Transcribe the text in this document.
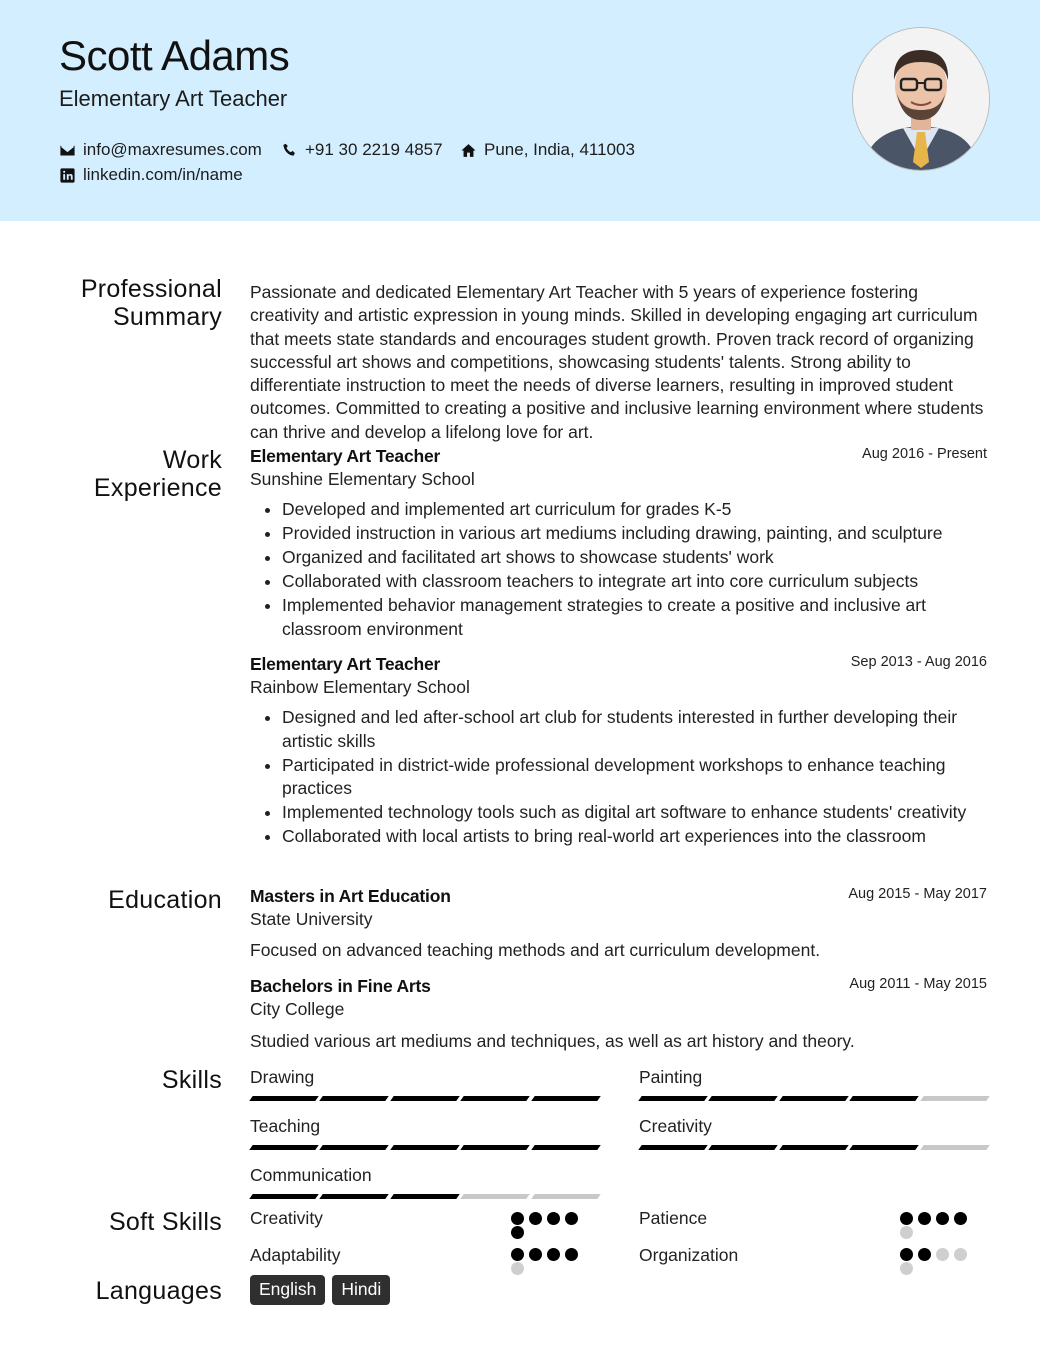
Scott Adams
Elementary Art Teacher
info@maxresumes.com	+91 30 2219 4857 Pune, India, 411003
linkedin.com/in/name
Professional Summary
Passionate and dedicated Elementary Art Teacher with 5 years of experience fostering creativity and artistic expression in young minds. Skilled in developing engaging art curriculum that meets state standards and encourages student growth. Proven track record of organizing successful art shows and competitions, showcasing students' talents. Strong ability to differentiate instruction to meet the needs of diverse learners, resulting in improved student outcomes. Committed to creating a positive and inclusive learning environment where students can thrive and develop a lifelong love for art.
Work Experience
Elementary Art Teacher	Aug 2016 - Present
Sunshine Elementary School
• Developed and implemented art curriculum for grades K-5
• Provided instruction in various art mediums including drawing, painting, and sculpture
• Organized and facilitated art shows to showcase students' work
• Collaborated with classroom teachers to integrate art into core curriculum subjects
• Implemented behavior management strategies to create a positive and inclusive art classroom environment
Elementary Art Teacher	Sep 2013 - Aug 2016
Rainbow Elementary School
• Designed and led after-school art club for students interested in further developing their artistic skills
• Participated in district-wide professional development workshops to enhance teaching practices
• Implemented technology tools such as digital art software to enhance students' creativity
• Collaborated with local artists to bring real-world art experiences into the classroom
Education Masters in Art Education	Aug 2015 - May 2017
State University
Focused on advanced teaching methods and art curriculum development.
Bachelors in Fine Arts	Aug 2011 - May 2015
City College
Studied various art mediums and techniques, as well as art history and theory.
Skills Drawing	Painting
Teaching	Creativity
Communication
Soft Skills Creativity	Patience
Adaptability	Organization
Languages	English	Hindi
